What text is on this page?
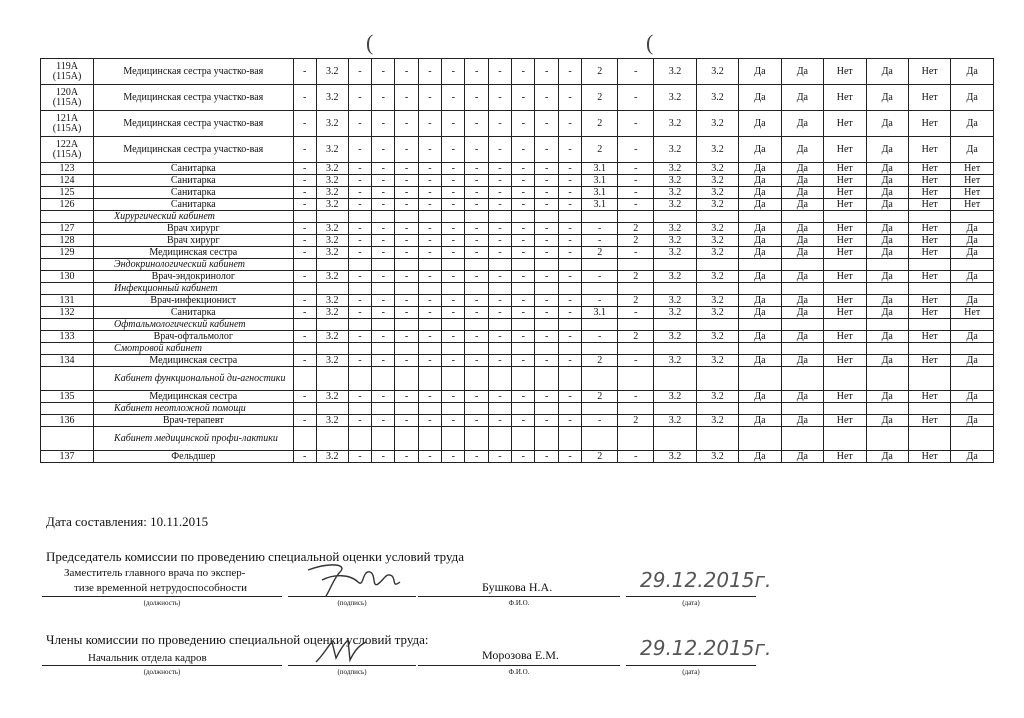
(	(
119А (115А)	Медицинская сестра участко-вая	-	3.2	-	-	-	-	-	-	-	-	-	-	2	-	3.2	3.2	Да	Да	Нет	Да	Нет	Да
120А (115А)	Медицинская сестра участко-вая	-	3.2	-	-	-	-	-	-	-	-	-	-	2	-	3.2	3.2	Да	Да	Нет	Да	Нет	Да
121А (115А)	Медицинская сестра участко-вая	-	3.2	-	-	-	-	-	-	-	-	-	-	2	-	3.2	3.2	Да	Да	Нет	Да	Нет	Да
122А (115А)	Медицинская сестра участко-вая	-	3.2	-	-	-	-	-	-	-	-	-	-	2	-	3.2	3.2	Да	Да	Нет	Да	Нет	Да
123	Санитарка	-	3.2	-	-	-	-	-	-	-	-	-	-	3.1	-	3.2	3.2	Да	Да	Нет	Да	Нет	Нет
124	Санитарка	-	3.2	-	-	-	-	-	-	-	-	-	-	3.1	-	3.2	3.2	Да	Да	Нет	Да	Нет	Нет
125	Санитарка	-	3.2	-	-	-	-	-	-	-	-	-	-	3.1	-	3.2	3.2	Да	Да	Нет	Да	Нет	Нет
126	Санитарка	-	3.2	-	-	-	-	-	-	-	-	-	-	3.1	-	3.2	3.2	Да	Да	Нет	Да	Нет	Нет
	Хирургический кабинет																						
127	Врач хирург	-	3.2	-	-	-	-	-	-	-	-	-	-	-	2	3.2	3.2	Да	Да	Нет	Да	Нет	Да
128	Врач хирург	-	3.2	-	-	-	-	-	-	-	-	-	-	-	2	3.2	3.2	Да	Да	Нет	Да	Нет	Да
129	Медицинская сестра	-	3.2	-	-	-	-	-	-	-	-	-	-	2	-	3.2	3.2	Да	Да	Нет	Да	Нет	Да
	Эндокринологический кабинет																						
130	Врач-эндокринолог	-	3.2	-	-	-	-	-	-	-	-	-	-	-	2	3.2	3.2	Да	Да	Нет	Да	Нет	Да
	Инфекционный кабинет																						
131	Врач-инфекционист	-	3.2	-	-	-	-	-	-	-	-	-	-	-	2	3.2	3.2	Да	Да	Нет	Да	Нет	Да
132	Санитарка	-	3.2	-	-	-	-	-	-	-	-	-	-	3.1	-	3.2	3.2	Да	Да	Нет	Да	Нет	Нет
	Офтальмологический кабинет																						
133	Врач-офтальмолог	-	3.2	-	-	-	-	-	-	-	-	-	-	-	2	3.2	3.2	Да	Да	Нет	Да	Нет	Да
	Смотровой кабинет																						
134	Медицинская сестра	-	3.2	-	-	-	-	-	-	-	-	-	-	2	-	3.2	3.2	Да	Да	Нет	Да	Нет	Да
	Кабинет функциональной ди-агностики																						
135	Медицинская сестра	-	3.2	-	-	-	-	-	-	-	-	-	-	2	-	3.2	3.2	Да	Да	Нет	Да	Нет	Да
	Кабинет неотложной помощи																						
136	Врач-терапевт	-	3.2	-	-	-	-	-	-	-	-	-	-	-	2	3.2	3.2	Да	Да	Нет	Да	Нет	Да
	Кабинет медицинской профи-лактики																						
137	Фельдшер	-	3.2	-	-	-	-	-	-	-	-	-	-	2	-	3.2	3.2	Да	Да	Нет	Да	Нет	Да
Дата составления: 10.11.2015
Председатель комиссии по проведению специальной оценки условий труда
Заместитель главного врача по экспер-
тизе временной нетрудоспособности
(должность)	(подпись)
Бушкова Н.А.
Ф.И.О.
29.12.2015г.
(дата)
Члены комиссии по проведению специальной оценки условий труда:
Начальник отдела кадров
(должность)	(подпись)
Морозова Е.М.
Ф.И.О.
29.12.2015г.
(дата)
